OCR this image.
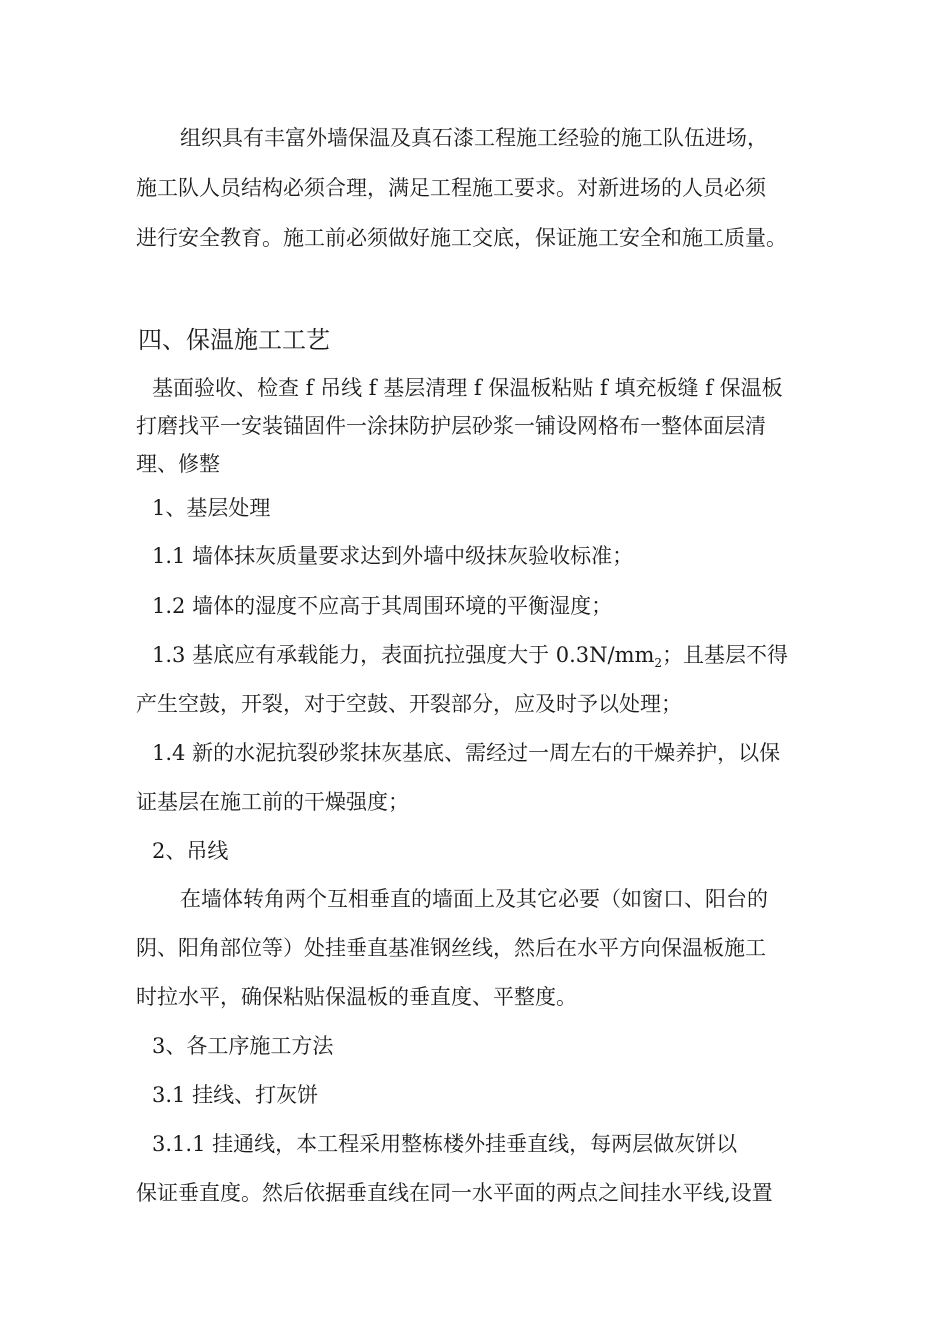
组织具有丰富外墙保温及真石漆工程施工经验的施工队伍进场，
施工队人员结构必须合理，满足工程施工要求。对新进场的人员必须
进行安全教育。施工前必须做好施工交底，保证施工安全和施工质量。
四、保温施工工艺
基面验收、检查 f 吊线 f 基层清理 f 保温板粘贴 f 填充板缝 f 保温板
打磨找平一安装锚固件一涂抹防护层砂浆一铺设网格布一整体面层清
理、修整
1、基层处理
1.1 墙体抹灰质量要求达到外墙中级抹灰验收标准；
1.2 墙体的湿度不应高于其周围环境的平衡湿度；
1.3 基底应有承载能力，表面抗拉强度大于 $0.3N/mm_2$；且基层不得
产生空鼓，开裂，对于空鼓、开裂部分，应及时予以处理；
1.4 新的水泥抗裂砂浆抹灰基底、需经过一周左右的干燥养护，以保
证基层在施工前的干燥强度；
2、吊线
在墙体转角两个互相垂直的墙面上及其它必要（如窗口、阳台的
阴、阳角部位等）处挂垂直基准钢丝线，然后在水平方向保温板施工
时拉水平，确保粘贴保温板的垂直度、平整度。
3、各工序施工方法
3.1 挂线、打灰饼
3.1.1 挂通线，本工程采用整栋楼外挂垂直线，每两层做灰饼以
保证垂直度。然后依据垂直线在同一水平面的两点之间挂水平线,设置
